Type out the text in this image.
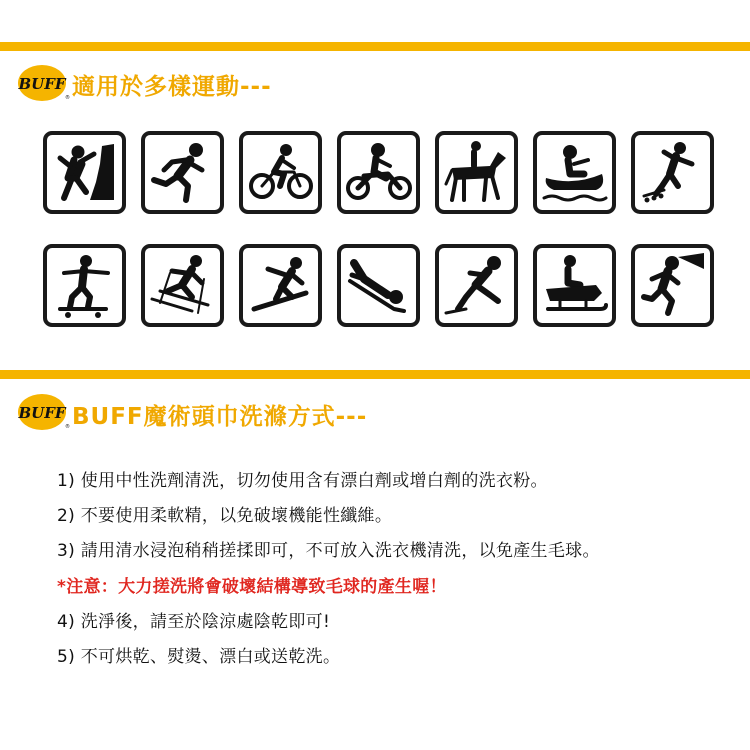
BUFF
® 適用於多樣運動---
BUFF
® BUFF魔術頭巾洗滌方式---
1) 使用中性洗劑清洗，切勿使用含有漂白劑或增白劑的洗衣粉。
2) 不要使用柔軟精，以免破壞機能性纖維。
3) 請用清水浸泡稍稍搓揉即可，不可放入洗衣機清洗，以免產生毛球。
*注意：大力搓洗將會破壞結構導致毛球的產生喔！
4) 洗淨後，請至於陰涼處陰乾即可!
5) 不可烘乾、熨燙、漂白或送乾洗。
